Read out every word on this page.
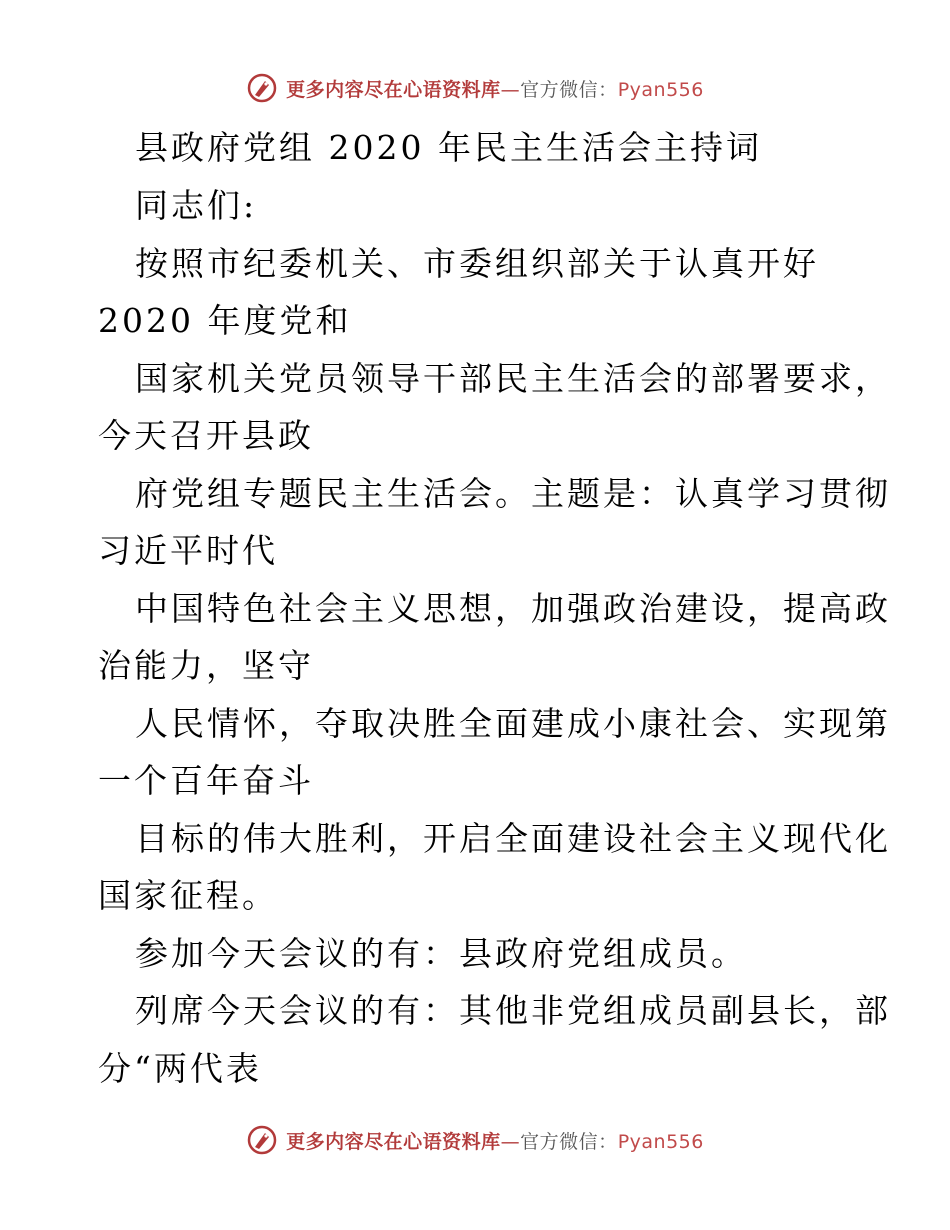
更多内容尽在心语资料库—官方微信：Pyan556
县政府党组 2020 年民主生活会主持词
同志们:
按照市纪委机关、市委组织部关于认真开好
2020 年度党和
国家机关党员领导干部民主生活会的部署要求，
今天召开县政
府党组专题民主生活会。主题是：认真学习贯彻
习近平时代
中国特色社会主义思想，加强政治建设，提高政
治能力，坚守
人民情怀，夺取决胜全面建成小康社会、实现第
一个百年奋斗
目标的伟大胜利，开启全面建设社会主义现代化
国家征程。
参加今天会议的有：县政府党组成员。
列席今天会议的有：其他非党组成员副县长，部
分“两代表
更多内容尽在心语资料库—官方微信：Pyan556
